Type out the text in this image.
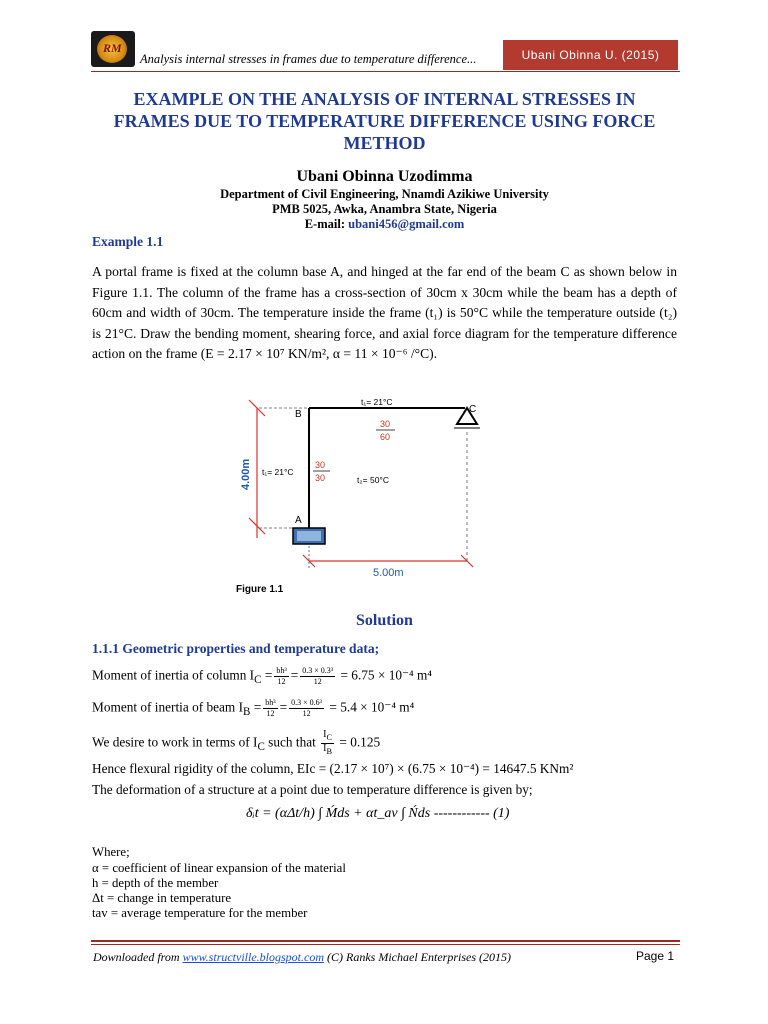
RM
Analysis internal stresses in frames due to temperature difference...	Ubani Obinna U. (2015)
EXAMPLE ON THE ANALYSIS OF INTERNAL STRESSES IN
FRAMES DUE TO TEMPERATURE DIFFERENCE USING FORCE
METHOD
Ubani Obinna Uzodimma
Department of Civil Engineering, Nnamdi Azikiwe University
PMB 5025, Awka, Anambra State, Nigeria
E-mail: ubani456@gmail.com
Example 1.1
A portal frame is fixed at the column base A, and hinged at the far end of the beam C as shown below in Figure 1.1. The column of the frame has a cross-section of 30cm x 30cm while the beam has a depth of 60cm and width of 30cm. The temperature inside the frame (t₁) is 50°C while the temperature outside (t₂) is 21°C. Draw the bending moment, shearing force, and axial force diagram for the temperature difference action on the frame (E = 2.17 × 10⁷ KN/m², α = 11 × 10⁻⁶ /°C).
4.00m
B	C
A
t₁= 21°C
30
60
t₁= 21°C
30
30	t₂= 50°C
5.00m
Figure 1.1
Solution
1.1.1 Geometric properties and temperature data;
Moment of inertia of column $I_C = \frac{\text{bh³}}{12} = \frac{\text{0.3 × 0.3³}}{12} = 6.75 \times 10^{-4}$ m⁴
Moment of inertia of beam $I_B = \frac{\text{bh³}}{12} = \frac{\text{0.3 × 0.6³}}{12} = 5.4 \times 10^{-4}$ m⁴
We desire to work in terms of $I_C$ such that $\frac{I_C}{I_B} = 0.125$
Hence flexural rigidity of the column, EIc = (2.17 × 10⁷) × (6.75 × 10⁻⁴) = 14647.5 KNm²
The deformation of a structure at a point due to temperature difference is given by;
δᵢt = (αΔt/h) ∫ Ḿds + αt_av ∫ Ńds ------------ (1)
Where;
α = coefficient of linear expansion of the material
h = depth of the member
Δt = change in temperature
tav = average temperature for the member
Downloaded from www.structville.blogspot.com (C) Ranks Michael Enterprises (2015)	Page 1
